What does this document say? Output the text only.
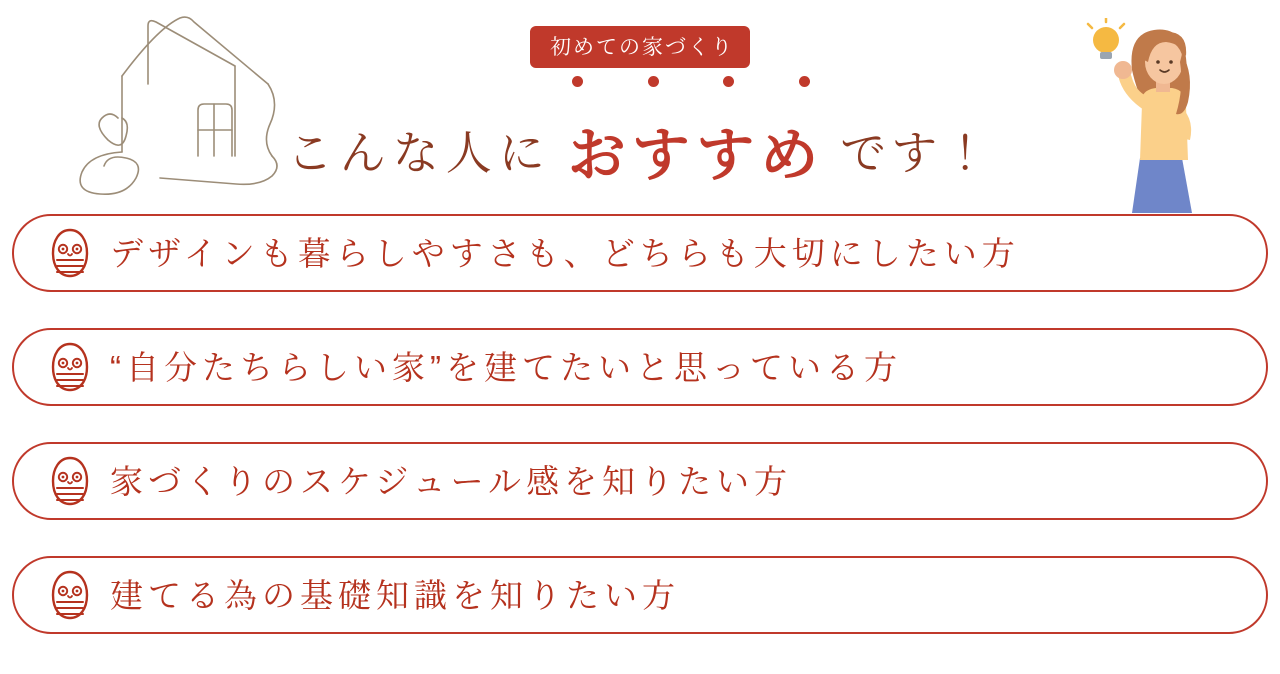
初めての家づくり
こんな人に おすすめ です！
デザインも暮らしやすさも、どちらも大切にしたい方
“自分たちらしい家”を建てたいと思っている方
家づくりのスケジュール感を知りたい方
建てる為の基礎知識を知りたい方
